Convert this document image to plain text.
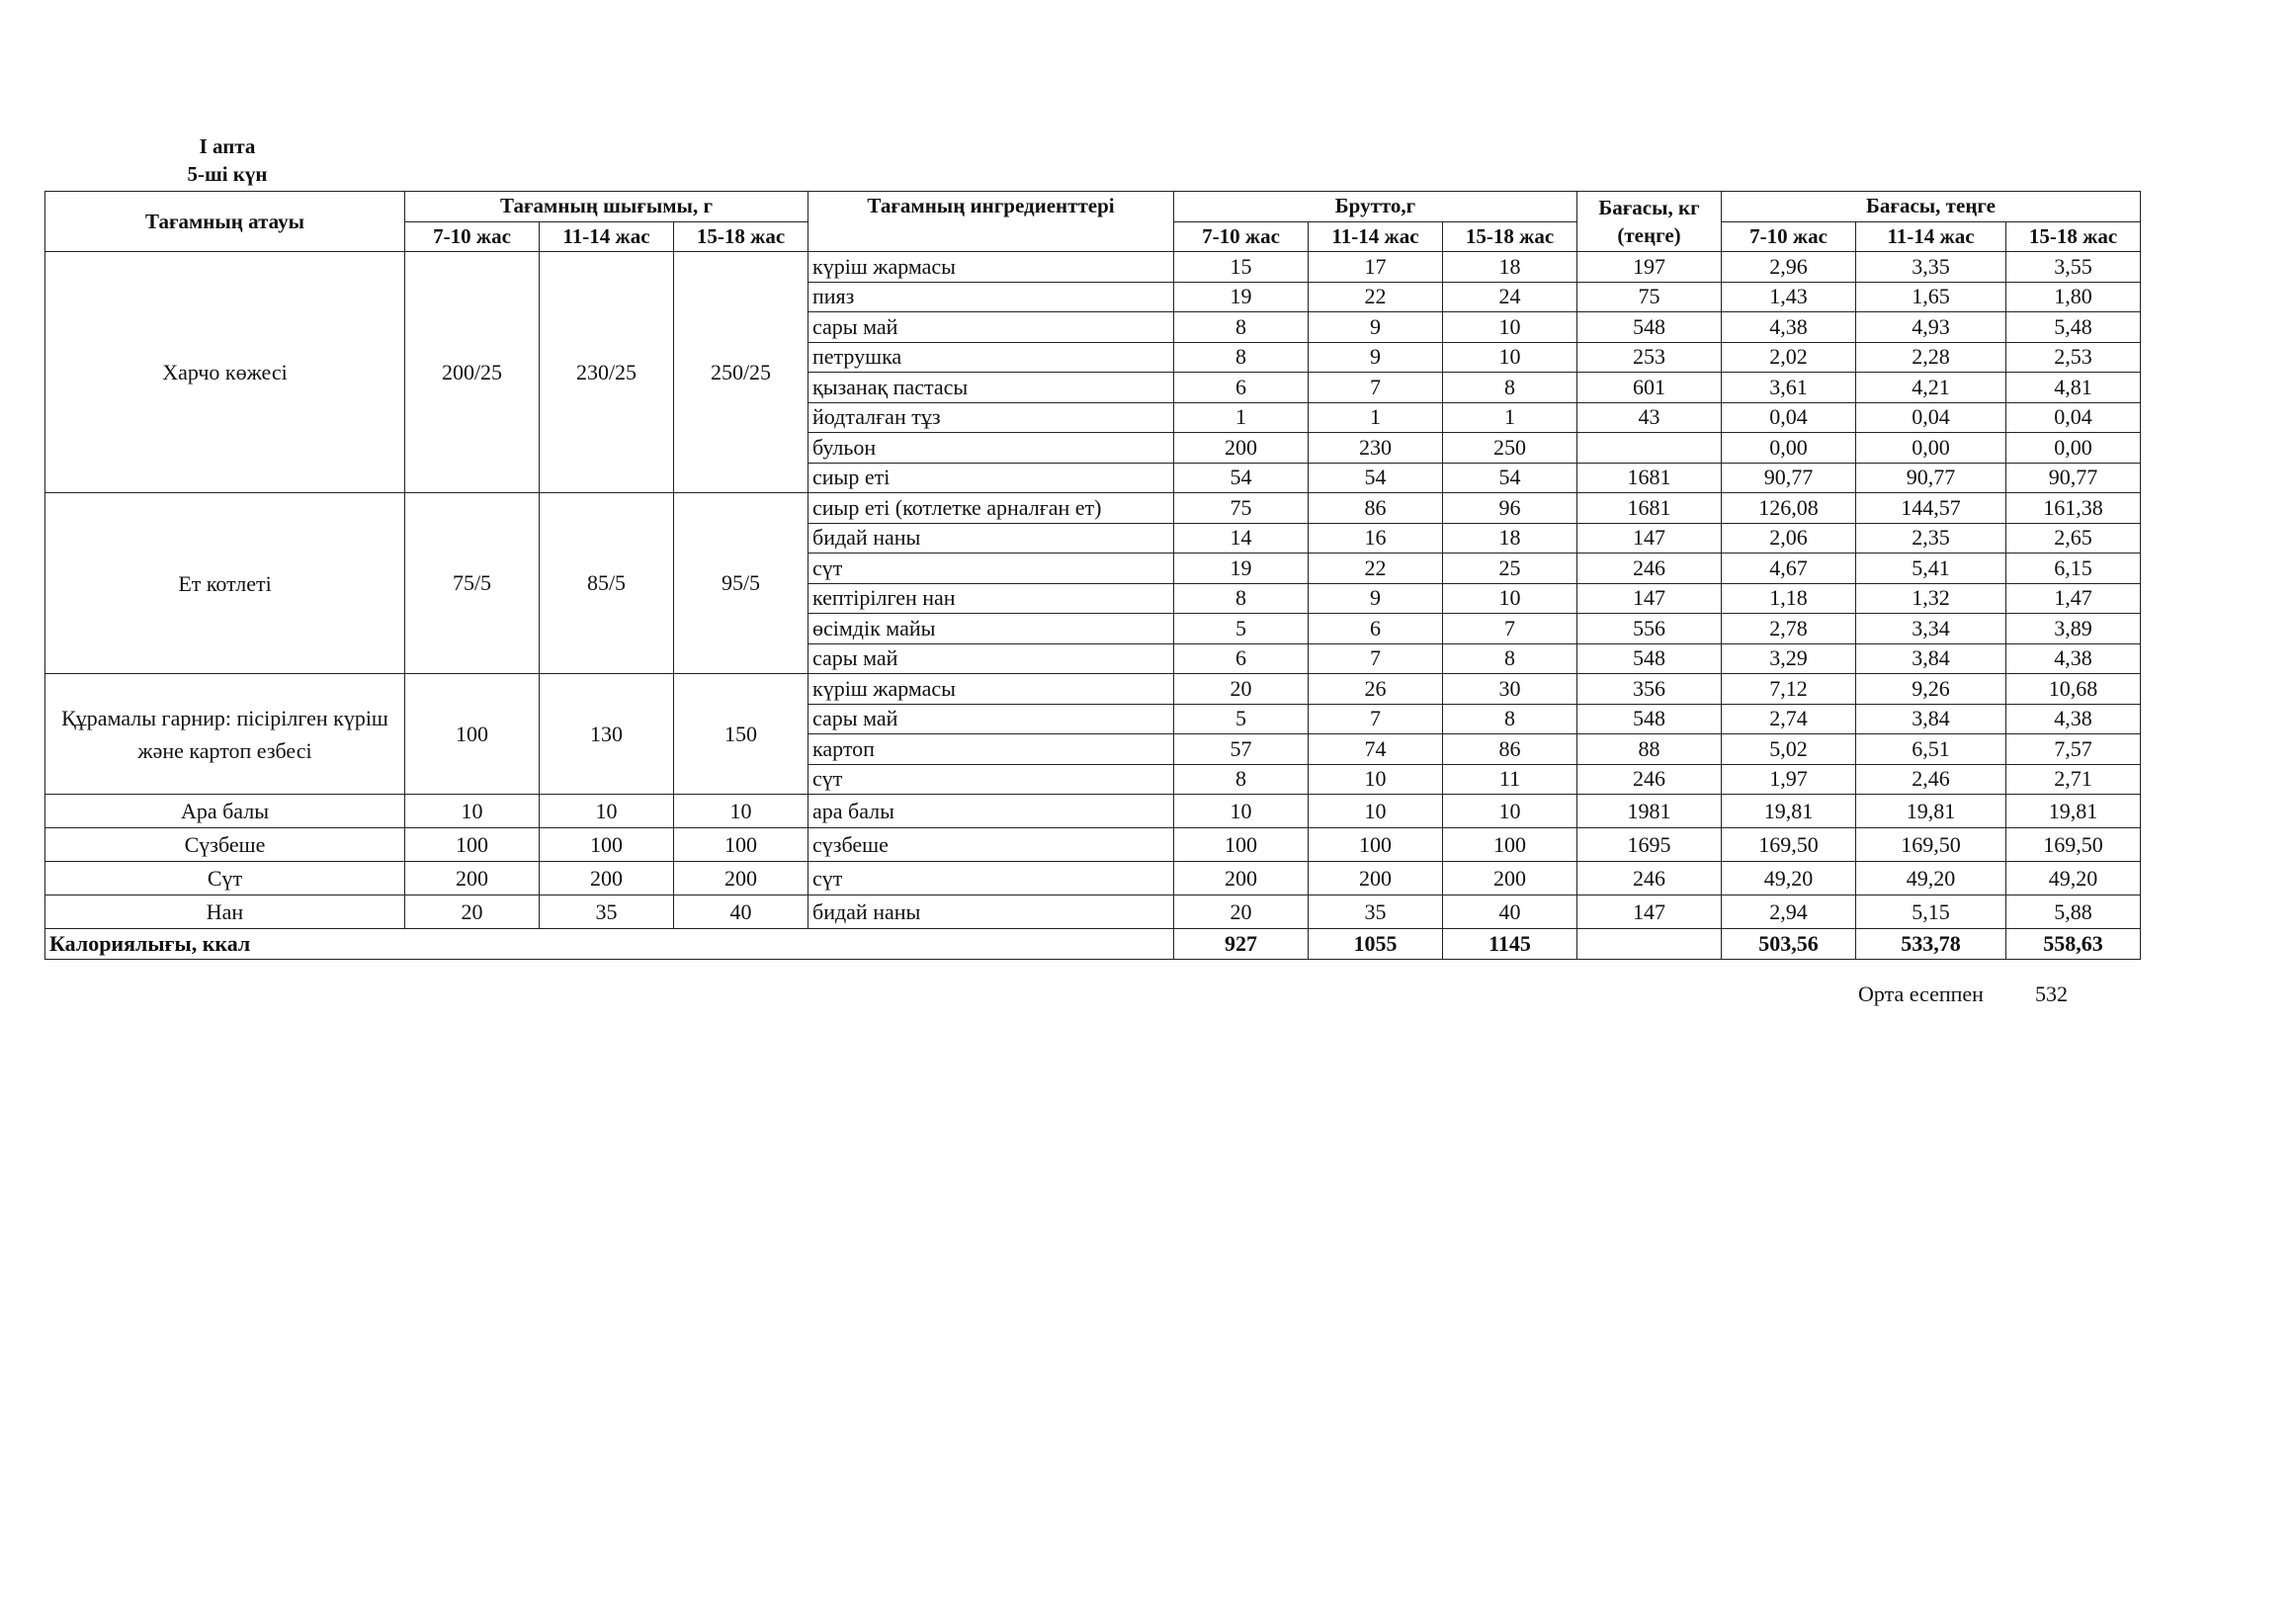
I апта
5-ші күн
Тағамның атауы	Тағамның шығымы, г			Тағамның ингредиенттері	Брутто,г			Бағасы, кг (теңге)	Бағасы, теңге		
	7-10 жас	11-14 жас	15-18 жас		7-10 жас	11-14 жас	15-18 жас		7-10 жас	11-14 жас	15-18 жас
Харчо көжесі	200/25	230/25	250/25	күріш жармасы	15	17	18	197	2,96	3,35	3,55
				пияз	19	22	24	75	1,43	1,65	1,80
				сары май	8	9	10	548	4,38	4,93	5,48
				петрушка	8	9	10	253	2,02	2,28	2,53
				қызанақ пастасы	6	7	8	601	3,61	4,21	4,81
				йодталған тұз	1	1	1	43	0,04	0,04	0,04
				бульон	200	230	250		0,00	0,00	0,00
				сиыр еті	54	54	54	1681	90,77	90,77	90,77
Ет котлеті	75/5	85/5	95/5	сиыр еті (котлетке арналған ет)	75	86	96	1681	126,08	144,57	161,38
				бидай наны	14	16	18	147	2,06	2,35	2,65
				сүт	19	22	25	246	4,67	5,41	6,15
				кептірілген нан	8	9	10	147	1,18	1,32	1,47
				өсімдік майы	5	6	7	556	2,78	3,34	3,89
				сары май	6	7	8	548	3,29	3,84	4,38
Құрамалы гарнир: пісірілген күріш және картоп езбесі	100	130	150	күріш жармасы	20	26	30	356	7,12	9,26	10,68
				сары май	5	7	8	548	2,74	3,84	4,38
				картоп	57	74	86	88	5,02	6,51	7,57
				сүт	8	10	11	246	1,97	2,46	2,71
Ара балы	10	10	10	ара балы	10	10	10	1981	19,81	19,81	19,81
Сүзбеше	100	100	100	сүзбеше	100	100	100	1695	169,50	169,50	169,50
Сүт	200	200	200	сүт	200	200	200	246	49,20	49,20	49,20
Нан	20	35	40	бидай наны	20	35	40	147	2,94	5,15	5,88
Калориялығы, ккал					927	1055	1145		503,56	533,78	558,63
Орта есеппен 532
